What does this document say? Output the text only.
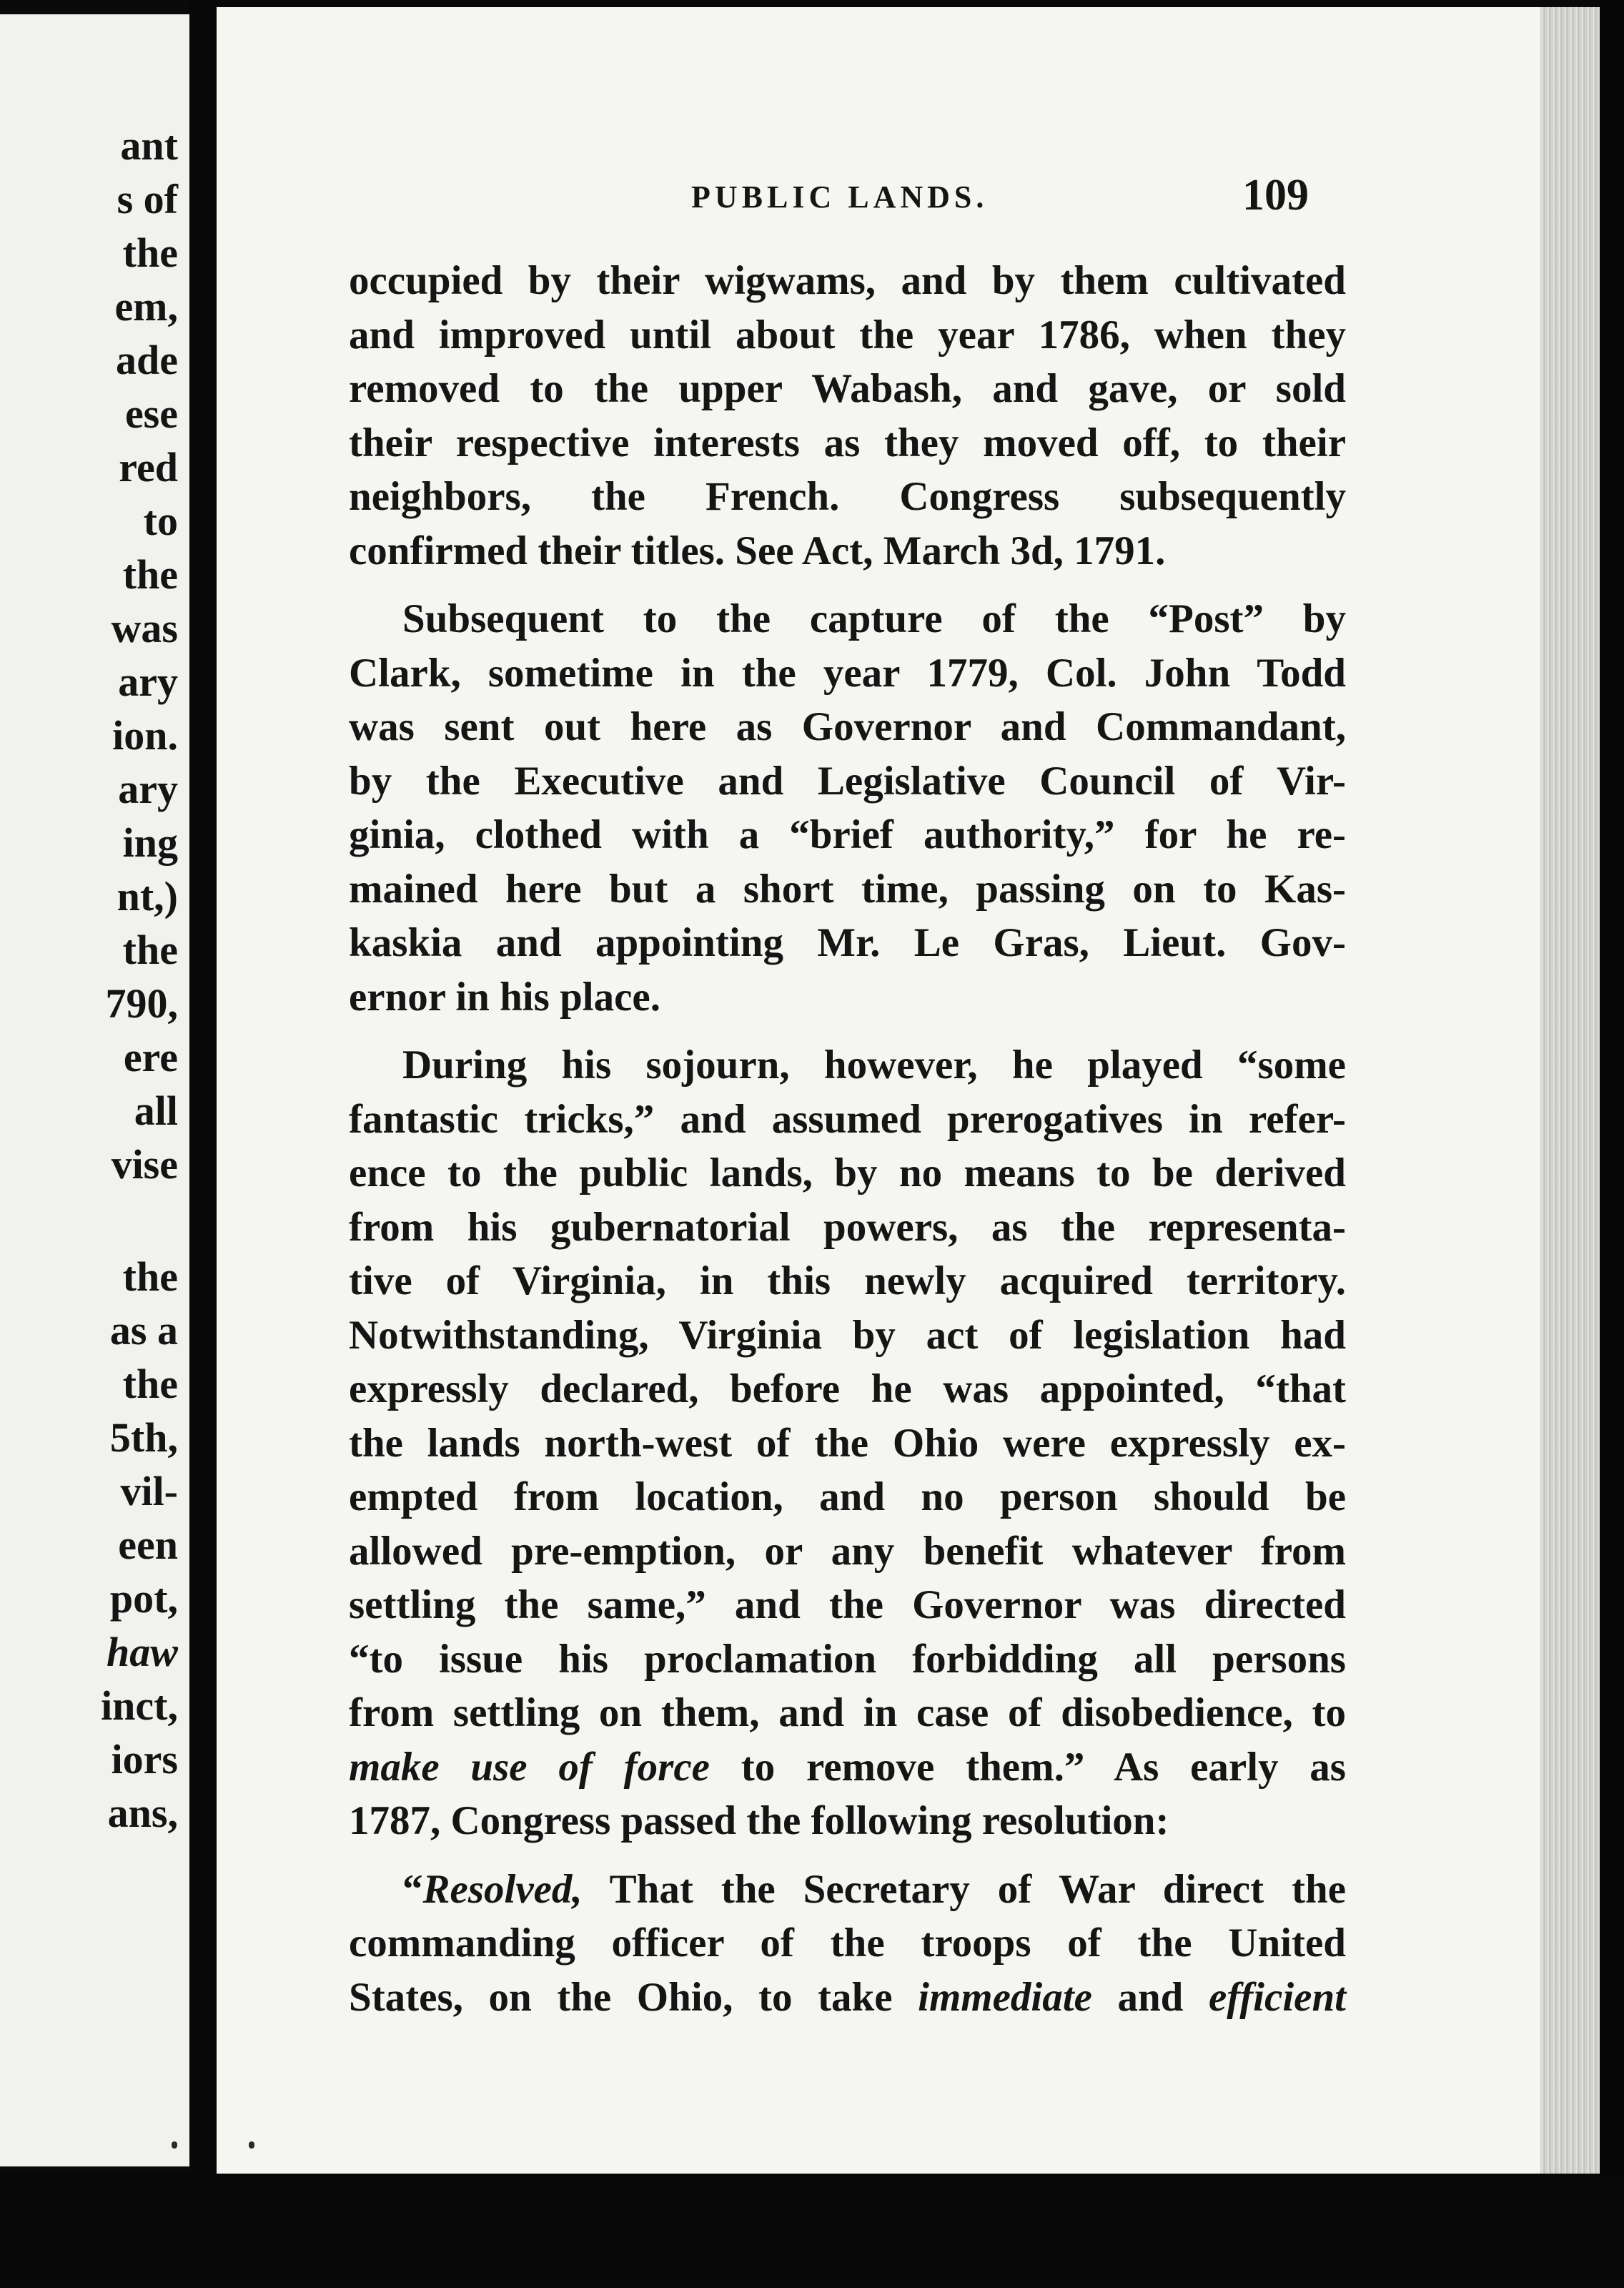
ant
s of
the
em,
ade
ese
red
to
the
was
ary
ion.
ary
ing
nt,)
the
790,
ere
all
vise
the
as a
the
5th,
vil-
een
pot,
haw
inct,
iors
ans,
PUBLIC LANDS.	109
occupied by their wigwams, and by them cultivated
and improved until about the year 1786, when they
removed to the upper Wabash, and gave, or sold
their respective interests as they moved off, to their
neighbors, the French. Congress subsequently
confirmed their titles. See Act, March 3d, 1791.
Subsequent to the capture of the “Post” by
Clark, sometime in the year 1779, Col. John Todd
was sent out here as Governor and Commandant,
by the Executive and Legislative Council of Vir-
ginia, clothed with a “brief authority,” for he re-
mained here but a short time, passing on to Kas-
kaskia and appointing Mr. Le Gras, Lieut. Gov-
ernor in his place.
During his sojourn, however, he played “some
fantastic tricks,” and assumed prerogatives in refer-
ence to the public lands, by no means to be derived
from his gubernatorial powers, as the representa-
tive of Virginia, in this newly acquired territory.
Notwithstanding, Virginia by act of legislation had
expressly declared, before he was appointed, “that
the lands north-west of the Ohio were expressly ex-
empted from location, and no person should be
allowed pre-emption, or any benefit whatever from
settling the same,” and the Governor was directed
“to issue his proclamation forbidding all persons
from settling on them, and in case of disobedience, to
make use of force to remove them.” As early as
1787, Congress passed the following resolution:
“Resolved, That the Secretary of War direct the
commanding officer of the troops of the United
States, on the Ohio, to take immediate and efficient
